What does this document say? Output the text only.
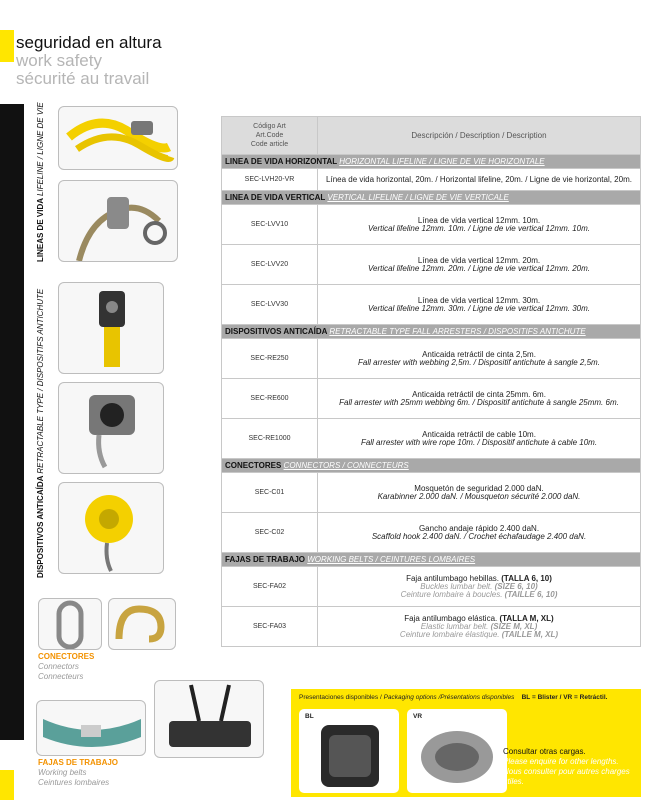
seguridad en altura
work safety
sécurité au travail
LINEAS DE VIDA LIFELINE / LIGNE DE VIE
DISPOSITIVOS ANTICAÍDA RETRACTABLE TYPE / DISPOSITIFS ANTICHUTE
Código Art
Art.Code
Code article	Descripción / Description / Description
LINEA DE VIDA HORIZONTAL HORIZONTAL LIFELINE / LIGNE DE VIE HORIZONTALE	
SEC-LVH20-VR	Línea de vida horizontal, 20m. / Horizontal lifeline, 20m. / Ligne de vie horizontal, 20m.
LINEA DE VIDA VERTICAL VERTICAL LIFELINE / LIGNE DE VIE VERTICALE	
SEC-LVV10	Línea de vida vertical 12mm. 10m.
Vertical lifeline 12mm. 10m. / Ligne de vie vertical 12mm. 10m.

SEC-LVV20	Línea de vida vertical 12mm. 20m.
Vertical lifeline 12mm. 20m. / Ligne de vie vertical 12mm. 20m.

SEC-LVV30	Línea de vida vertical 12mm. 30m.
Vertical lifeline 12mm. 30m. / Ligne de vie vertical 12mm. 30m.

DISPOSITIVOS ANTICAÍDA RETRACTABLE TYPE FALL ARRESTERS / DISPOSITIFS ANTICHUTE	
SEC-RE250	Anticaida retráctil de cinta 2,5m.
Fall arrester with webbing 2,5m. / Dispositif antichute à sangle 2,5m.

SEC-RE600	Anticaida retráctil de cinta 25mm. 6m.
Fall arrester with 25mm webbing 6m. / Dispositif antichute à sangle 25mm. 6m.

SEC-RE1000	Anticaida retráctil de cable 10m.
Fall arrester with wire rope 10m. / Dispositif antichute à cable 10m.

CONECTORES CONNECTORS / CONNECTEURS	
SEC-C01	Mosquetón de seguridad 2.000 daN.
Karabinner 2.000 daN. / Mousqueton sécurité 2.000 daN.

SEC-C02	Gancho andaje rápido 2.400 daN.
Scaffold hook 2.400 daN. / Crochet échafaudage 2.400 daN.

FAJAS DE TRABAJO WORKING BELTS / CEINTURES LOMBAIRES	
SEC-FA02	Faja antilumbago hebillas. (TALLA 6, 10)
Buckles lumbar belt. (SIZE 6, 10)
Ceinture lombaire à boucles. (TAILLE 6, 10)

SEC-FA03	Faja antilumbago elástica. (TALLA M, XL)
Elastic lumbar belt. (SIZE M, XL)
Ceinture lombaire élastique. (TAILLE M, XL)
CONECTORES
Connectors
Connecteurs
FAJAS DE TRABAJO
Working belts
Ceintures lombaires
Presentaciones disponibles / Packaging options /Présentations disponibles BL = Blister / VR = Retráctil.
BL	VR
Consultar otras cargas.
Please enquire for other lengths.
Nous consulter pour autres charges utiles.
